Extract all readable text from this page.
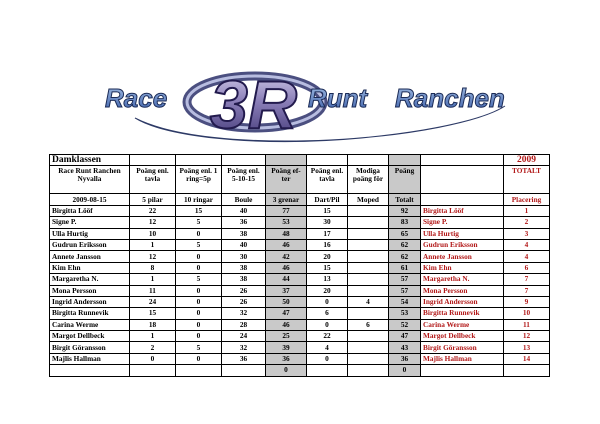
Race 3R Runt Ranchen
Damklassen									2009
Race Runt Ranchen Nyvalla	Poäng enl. tavla	Poäng enl. 1 ring=5p	Poäng enl. 5-10-15	Poäng ef- ter	Poäng enl. tavla	Modiga poäng för	Poäng		TOTALT
2009-08-15	5 pilar	10 ringar	Boule	3 grenar	Dart/Pil	Moped	Totalt		Placering
Birgitta Lööf	22	15	40	77	15		92	Birgitta Lööf	1
Signe P.	12	5	36	53	30		83	Signe P.	2
Ulla Hurtig	10	0	38	48	17		65	Ulla Hurtig	3
Gudrun Eriksson	1	5	40	46	16		62	Gudrun Eriksson	4
Annete Jansson	12	0	30	42	20		62	Annete Jansson	4
Kim Ehn	8	0	38	46	15		61	Kim Ehn	6
Margaretha N.	1	5	38	44	13		57	Margaretha N.	7
Mona Persson	11	0	26	37	20		57	Mona Persson	7
Ingrid Andersson	24	0	26	50	0	4	54	Ingrid Andersson	9
Birgitta Runnevik	15	0	32	47	6		53	Birgitta Runnevik	10
Carina Werme	18	0	28	46	0	6	52	Carina Werme	11
Margot Dellbeck	1	0	24	25	22		47	Margot Dellbeck	12
Birgit Göransson	2	5	32	39	4		43	Birgit Göransson	13
Majlis Hallman	0	0	36	36	0		36	Majlis Hallman	14
				0			0		
